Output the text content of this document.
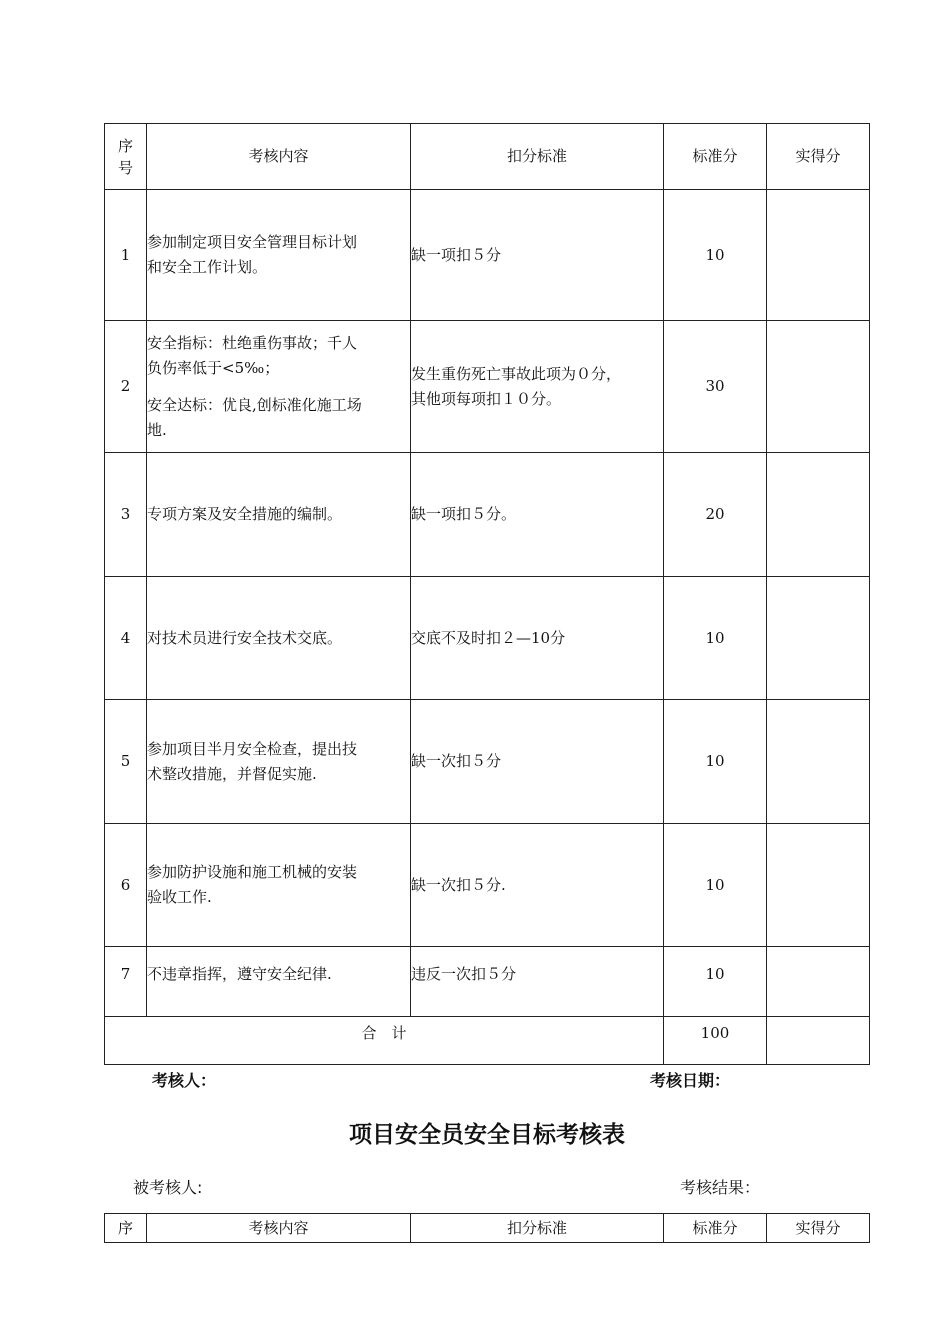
序
号	考核内容	扣分标准	标准分	实得分
1	参加制定项目安全管理目标计划
和安全工作计划。	缺一项扣５分	10	
2	安全指标：杜绝重伤事故；千人
负伤率低于<5‰；
安全达标：优良,创标准化施工场
地.	发生重伤死亡事故此项为０分，
其他项每项扣１０分。	30	
3	专项方案及安全措施的编制。	缺一项扣５分。	20	
4	对技术员进行安全技术交底。	交底不及时扣２—10分	10	
5	参加项目半月安全检查，提出技
术整改措施，并督促实施.	缺一次扣５分	10	
6	参加防护设施和施工机械的安装
验收工作.	缺一次扣５分.	10	
7	不违章指挥，遵守安全纪律.	违反一次扣５分	10	
合　计			100	
考核人：	考核日期：
项目安全员安全目标考核表
被考核人:	考核结果：
序	考核内容	扣分标准	标准分	实得分
